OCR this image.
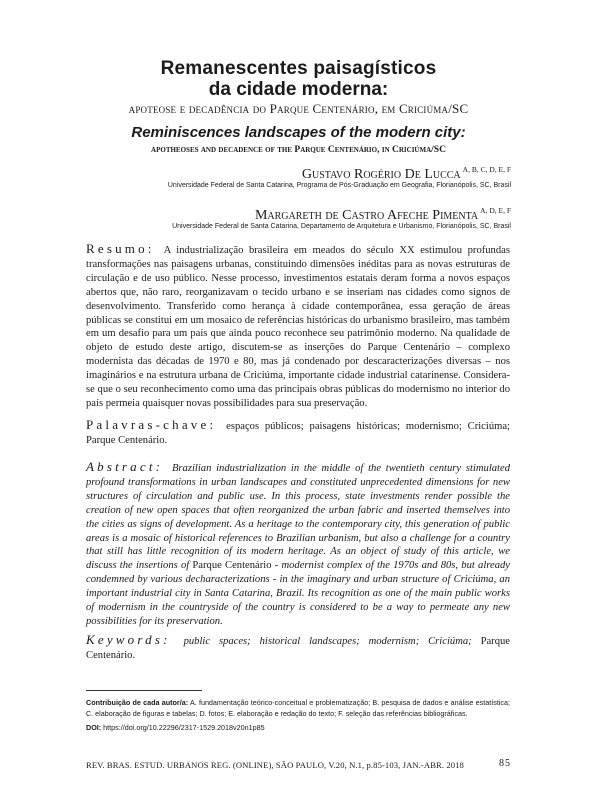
Remanescentes paisagísticos
da cidade moderna:
apoteose e decadência do Parque Centenário, em Criciúma/SC
Reminiscences landscapes of the modern city:
apotheoses and decadence of the Parque Centenário, in Criciúma/SC
Gustavo Rogério De Lucca $^{A, B, C, D, E, F}$
Universidade Federal de Santa Catarina, Programa de Pós-Graduação em Geografia, Florianópolis, SC, Brasil
Margareth de Castro Afeche Pimenta $^{A, D, E, F}$
Universidade Federal de Santa Catarina, Departamento de Arquitetura e Urbanismo, Florianópolis, SC, Brasil
Resumo: A industrialização brasileira em meados do século XX estimulou profundas transformações nas paisagens urbanas, constituindo dimensões inéditas para as novas estruturas de circulação e de uso público. Nesse processo, investimentos estatais deram forma a novos espaços abertos que, não raro, reorganizavam o tecido urbano e se inseriam nas cidades como signos de desenvolvimento. Transferido como herança à cidade contemporânea, essa geração de áreas públicas se constitui em um mosaico de referências históricas do urbanismo brasileiro, mas também em um desafio para um país que ainda pouco reconhece seu patrimônio moderno. Na qualidade de objeto de estudo deste artigo, discutem-se as inserções do Parque Centenário – complexo modernista das décadas de 1970 e 80, mas já condenado por descaracterizações diversas – nos imaginários e na estrutura urbana de Criciúma, importante cidade industrial catarinense. Considera-se que o seu reconhecimento como uma das principais obras públicas do modernismo no interior do país permeia quaisquer novas possibilidades para sua preservação.
Palavras-chave: espaços públicos; paisagens históricas; modernismo; Criciúma; Parque Centenário.
Abstract: Brazilian industrialization in the middle of the twentieth century stimulated profound transformations in urban landscapes and constituted unprecedented dimensions for new structures of circulation and public use. In this process, state investments render possible the creation of new open spaces that often reorganized the urban fabric and inserted themselves into the cities as signs of development. As a heritage to the contemporary city, this generation of public areas is a mosaic of historical references to Brazilian urbanism, but also a challenge for a country that still has little recognition of its modern heritage. As an object of study of this article, we discuss the insertions of Parque Centenário - modernist complex of the 1970s and 80s, but already condemned by various decharacterizations - in the imaginary and urban structure of Criciúma, an important industrial city in Santa Catarina, Brazil. Its recognition as one of the main public works of modernism in the countryside of the country is considered to be a way to permeate any new possibilities for its preservation.
Keywords: public spaces; historical landscapes; modernism; Criciúma; Parque Centenário.
Contribuição de cada autor/a: A. fundamentação teórico-conceitual e problematização; B. pesquisa de dados e análise estatística; C. elaboração de figuras e tabelas; D. fotos; E. elaboração e redação do texto; F. seleção das referências bibliográficas.
DOI: https://doi.org/10.22296/2317-1529.2018v20n1p85
REV. BRAS. ESTUD. URBANOS REG. (ONLINE), SÃO PAULO, V.20, N.1, p.85-103, JAN.-ABR. 2018	85
